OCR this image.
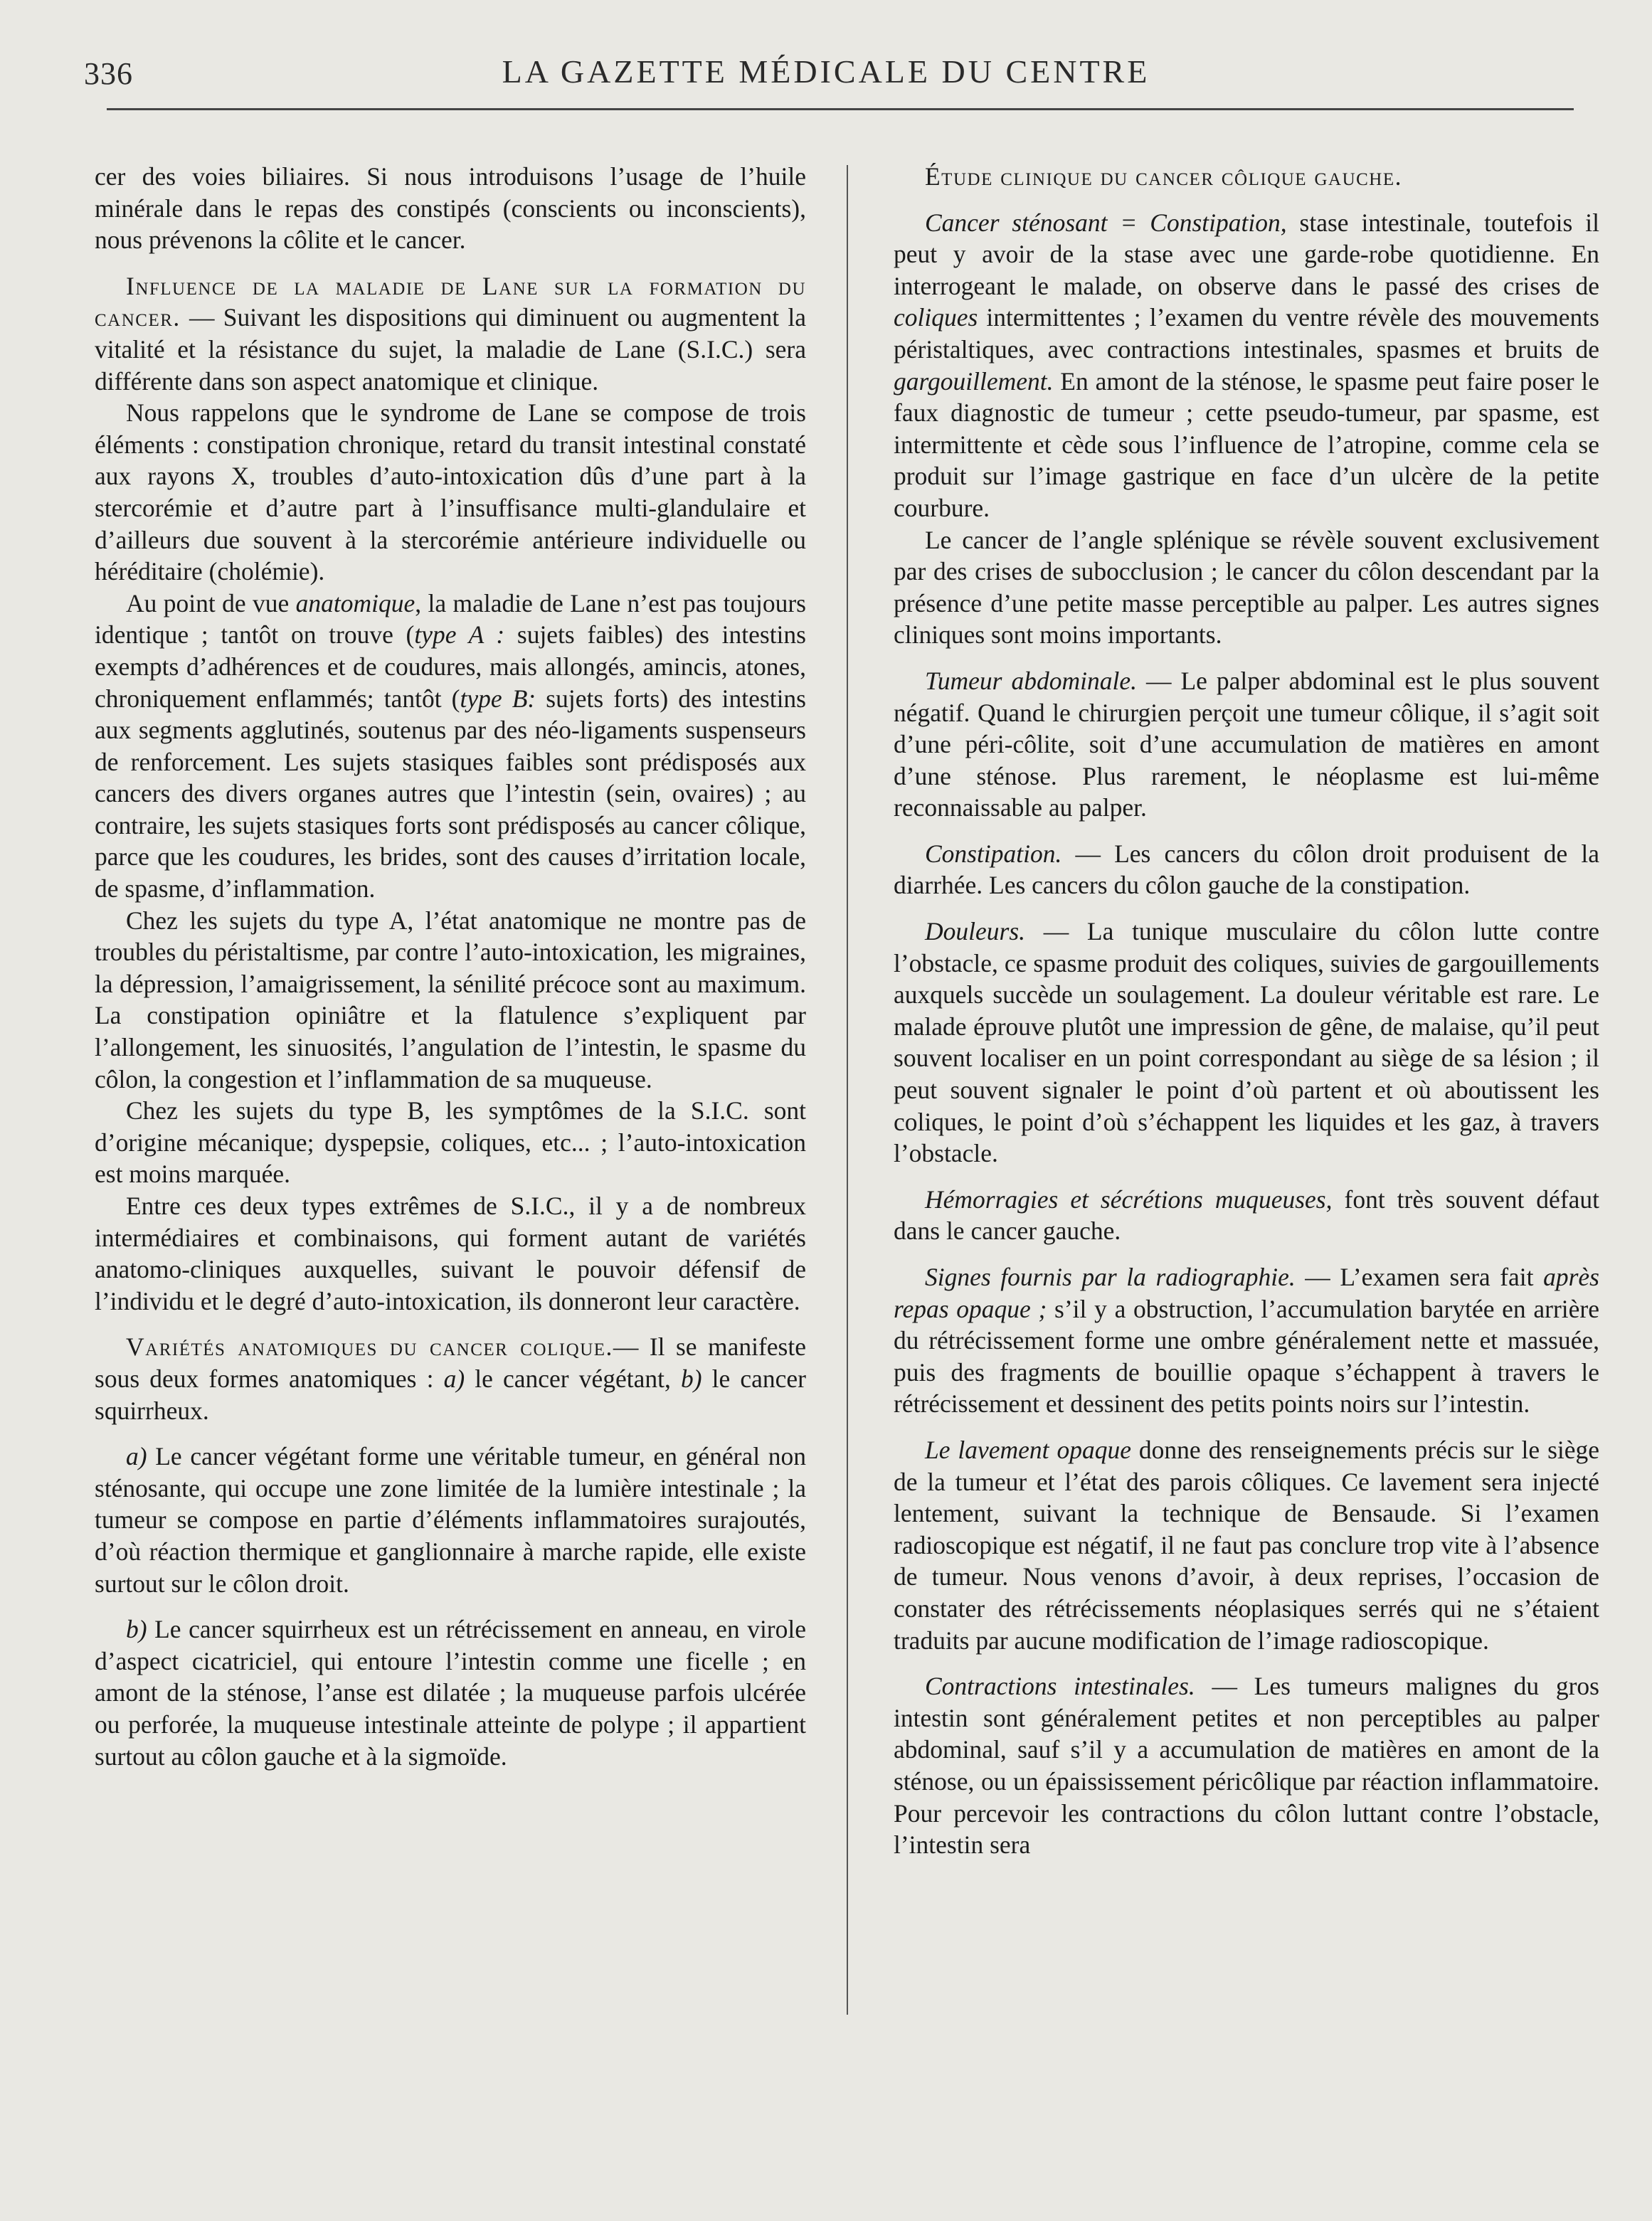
336	LA GAZETTE MÉDICALE DU CENTRE

cer des voies biliaires. Si nous introduisons l’usage de l’huile minérale dans le repas des constipés (conscients ou inconscients), nous prévenons la côlite et le cancer.

Influence de la maladie de Lane sur la formation du cancer. — Suivant les dispositions qui diminuent ou augmentent la vitalité et la résistance du sujet, la maladie de Lane (S.I.C.) sera différente dans son aspect anatomique et clinique.

Nous rappelons que le syndrome de Lane se compose de trois éléments : constipation chronique, retard du transit intestinal constaté aux rayons X, troubles d’auto-intoxication dûs d’une part à la stercorémie et d’autre part à l’insuffisance multi-glandulaire et d’ailleurs due souvent à la stercorémie antérieure individuelle ou héréditaire (cholémie).

Au point de vue anatomique, la maladie de Lane n’est pas toujours identique ; tantôt on trouve (type A : sujets faibles) des intestins exempts d’adhérences et de coudures, mais allongés, amincis, atones, chroniquement enflammés; tantôt (type B: sujets forts) des intestins aux segments agglutinés, soutenus par des néo-ligaments suspenseurs de renforcement. Les sujets stasiques faibles sont prédisposés aux cancers des divers organes autres que l’intestin (sein, ovaires) ; au contraire, les sujets stasiques forts sont prédisposés au cancer côlique, parce que les coudures, les brides, sont des causes d’irritation locale, de spasme, d’inflammation.

Chez les sujets du type A, l’état anatomique ne montre pas de troubles du péristaltisme, par contre l’auto-intoxication, les migraines, la dépression, l’amaigrissement, la sénilité précoce sont au maximum. La constipation opiniâtre et la flatulence s’expliquent par l’allongement, les sinuosités, l’angulation de l’intestin, le spasme du côlon, la congestion et l’inflammation de sa muqueuse.

Chez les sujets du type B, les symptômes de la S.I.C. sont d’origine mécanique; dyspepsie, coliques, etc... ; l’auto-intoxication est moins marquée.

Entre ces deux types extrêmes de S.I.C., il y a de nombreux intermédiaires et combinaisons, qui forment autant de variétés anatomo-cliniques auxquelles, suivant le pouvoir défensif de l’individu et le degré d’auto-intoxication, ils donneront leur caractère.

Variétés anatomiques du cancer colique.— Il se manifeste sous deux formes anatomiques : a) le cancer végétant, b) le cancer squirrheux.

a) Le cancer végétant forme une véritable tumeur, en général non sténosante, qui occupe une zone limitée de la lumière intestinale ; la tumeur se compose en partie d’éléments inflammatoires surajoutés, d’où réaction thermique et ganglionnaire à marche rapide, elle existe surtout sur le côlon droit.

b) Le cancer squirrheux est un rétrécissement en anneau, en virole d’aspect cicatriciel, qui entoure l’intestin comme une ficelle ; en amont de la sténose, l’anse est dilatée ; la muqueuse parfois ulcérée ou perforée, la muqueuse intestinale atteinte de polype ; il appartient surtout au côlon gauche et à la sigmoïde.

Étude clinique du cancer côlique gauche.

Cancer sténosant = Constipation, stase intestinale, toutefois il peut y avoir de la stase avec une garde-robe quotidienne. En interrogeant le malade, on observe dans le passé des crises de coliques intermittentes ; l’examen du ventre révèle des mouvements péristaltiques, avec contractions intestinales, spasmes et bruits de gargouillement. En amont de la sténose, le spasme peut faire poser le faux diagnostic de tumeur ; cette pseudo-tumeur, par spasme, est intermittente et cède sous l’influence de l’atropine, comme cela se produit sur l’image gastrique en face d’un ulcère de la petite courbure.

Le cancer de l’angle splénique se révèle souvent exclusivement par des crises de subocclusion ; le cancer du côlon descendant par la présence d’une petite masse perceptible au palper. Les autres signes cliniques sont moins importants.

Tumeur abdominale. — Le palper abdominal est le plus souvent négatif. Quand le chirurgien perçoit une tumeur côlique, il s’agit soit d’une péri-côlite, soit d’une accumulation de matières en amont d’une sténose. Plus rarement, le néoplasme est lui-même reconnaissable au palper.

Constipation. — Les cancers du côlon droit produisent de la diarrhée. Les cancers du côlon gauche de la constipation.

Douleurs. — La tunique musculaire du côlon lutte contre l’obstacle, ce spasme produit des coliques, suivies de gargouillements auxquels succède un soulagement. La douleur véritable est rare. Le malade éprouve plutôt une impression de gêne, de malaise, qu’il peut souvent localiser en un point correspondant au siège de sa lésion ; il peut souvent signaler le point d’où partent et où aboutissent les coliques, le point d’où s’échappent les liquides et les gaz, à travers l’obstacle.

Hémorragies et sécrétions muqueuses, font très souvent défaut dans le cancer gauche.

Signes fournis par la radiographie. — L’examen sera fait après repas opaque ; s’il y a obstruction, l’accumulation barytée en arrière du rétrécissement forme une ombre généralement nette et massuée, puis des fragments de bouillie opaque s’échappent à travers le rétrécissement et dessinent des petits points noirs sur l’intestin.

Le lavement opaque donne des renseignements précis sur le siège de la tumeur et l’état des parois côliques. Ce lavement sera injecté lentement, suivant la technique de Bensaude. Si l’examen radioscopique est négatif, il ne faut pas conclure trop vite à l’absence de tumeur. Nous venons d’avoir, à deux reprises, l’occasion de constater des rétrécissements néoplasiques serrés qui ne s’étaient traduits par aucune modification de l’image radioscopique.

Contractions intestinales. — Les tumeurs malignes du gros intestin sont généralement petites et non perceptibles au palper abdominal, sauf s’il y a accumulation de matières en amont de la sténose, ou un épaississement péricôlique par réaction inflammatoire. Pour percevoir les contractions du côlon luttant contre l’obstacle, l’intestin sera
